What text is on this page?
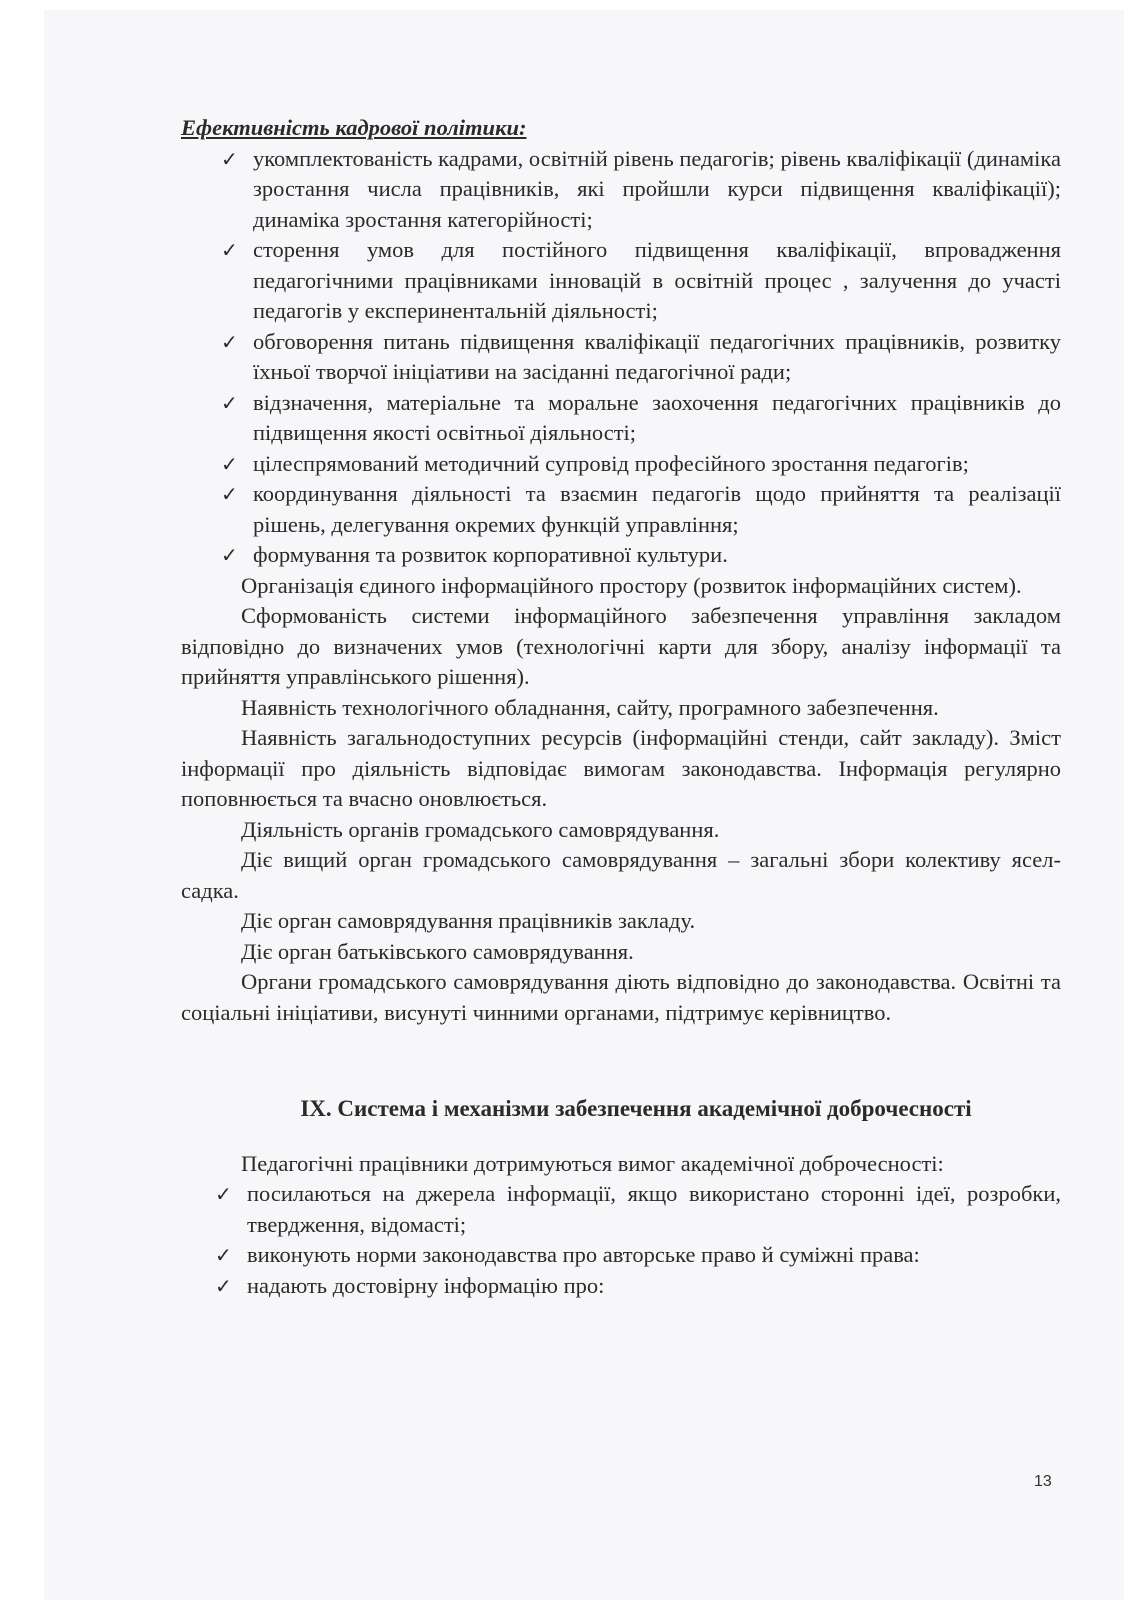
Ефективність кадрової політики:

✓ укомплектованість кадрами, освітній рівень педагогів; рівень кваліфікації (динаміка зростання числа працівників, які пройшли курси підвищення кваліфікації); динаміка зростання категорійності;
✓ сторення умов для постійного підвищення кваліфікації, впровадження педагогічними працівниками інновацій в освітній процес , залучення до участі педагогів у експеринентальній діяльності;
✓ обговорення питань підвищення кваліфікації педагогічних працівників, розвитку їхньої творчої ініціативи на засіданні педагогічної ради;
✓ відзначення, матеріальне та моральне заохочення педагогічних працівників до підвищення якості освітньої діяльності;
✓ цілеспрямований методичний супровід професійного зростання педагогів;
✓ координування діяльності та взаємин педагогів щодо прийняття та реалізації рішень, делегування окремих функцій управління;
✓ формування та розвиток корпоративної культури.

Організація єдиного інформаційного простору (розвиток інформаційних систем).

Сформованість системи інформаційного забезпечення управління закладом відповідно до визначених умов (технологічні карти для збору, аналізу інформації та прийняття управлінського рішення).

Наявність технологічного обладнання, сайту, програмного забезпечення.

Наявність загальнодоступних ресурсів (інформаційні стенди, сайт закладу). Зміст інформації про діяльність відповідає вимогам законодавства. Інформація регулярно поповнюється та вчасно оновлюється.

Діяльність органів громадського самоврядування.

Діє вищий орган громадського самоврядування – загальні збори колективу ясел-садка.

Діє орган самоврядування працівників закладу.

Діє орган батьківського самоврядування.

Органи громадського самоврядування діють відповідно до законодавства. Освітні та соціальні ініціативи, висунуті чинними органами, підтримує керівництво.

IX. Система і механізми забезпечення академічної доброчесності

Педагогічні працівники дотримуються вимог академічної доброчесності:

✓ посилаються на джерела інформації, якщо використано сторонні ідеї, розробки, твердження, відомасті;
✓ виконують норми законодавства про авторське право й суміжні права:
✓ надають достовірну інформацію про:
13
